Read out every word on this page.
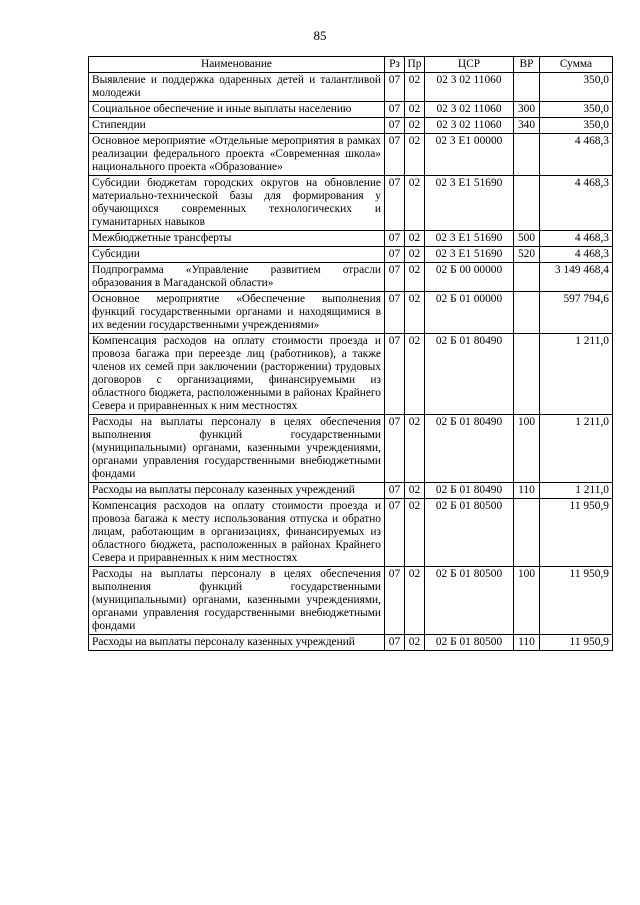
85
Наименование	Рз	Пр	ЦСР	ВР	Сумма
Выявление и поддержка одаренных детей и талантливой молодежи	07	02	02 3 02 11060		350,0
Социальное обеспечение и иные выплаты населению	07	02	02 3 02 11060	300	350,0
Стипендии	07	02	02 3 02 11060	340	350,0
Основное мероприятие «Отдельные мероприятия в рамках реализации федерального проекта «Современная школа» национального проекта «Образование»	07	02	02 3 E1 00000		4 468,3
Субсидии бюджетам городских округов на обновление материально-технической базы для формирования у обучающихся современных технологических и гуманитарных навыков	07	02	02 3 E1 51690		4 468,3
Межбюджетные трансферты	07	02	02 3 E1 51690	500	4 468,3
Субсидии	07	02	02 3 E1 51690	520	4 468,3
Подпрограмма «Управление развитием отрасли образования в Магаданской области»	07	02	02 Б 00 00000		3 149 468,4
Основное мероприятие «Обеспечение выполнения функций государственными органами и находящимися в их ведении государственными учреждениями»	07	02	02 Б 01 00000		597 794,6
Компенсация расходов на оплату стоимости проезда и провоза багажа при переезде лиц (работников), а также членов их семей при заключении (расторжении) трудовых договоров с организациями, финансируемыми из областного бюджета, расположенными в районах Крайнего Севера и приравненных к ним местностях	07	02	02 Б 01 80490		1 211,0
Расходы на выплаты персоналу в целях обеспечения выполнения функций государственными (муниципальными) органами, казенными учреждениями, органами управления государственными внебюджетными фондами	07	02	02 Б 01 80490	100	1 211,0
Расходы на выплаты персоналу казенных учреждений	07	02	02 Б 01 80490	110	1 211,0
Компенсация расходов на оплату стоимости проезда и провоза багажа к месту использования отпуска и обратно лицам, работающим в организациях, финансируемых из областного бюджета, расположенных в районах Крайнего Севера и приравненных к ним местностях	07	02	02 Б 01 80500		11 950,9
Расходы на выплаты персоналу в целях обеспечения выполнения функций государственными (муниципальными) органами, казенными учреждениями, органами управления государственными внебюджетными фондами	07	02	02 Б 01 80500	100	11 950,9
Расходы на выплаты персоналу казенных учреждений	07	02	02 Б 01 80500	110	11 950,9
